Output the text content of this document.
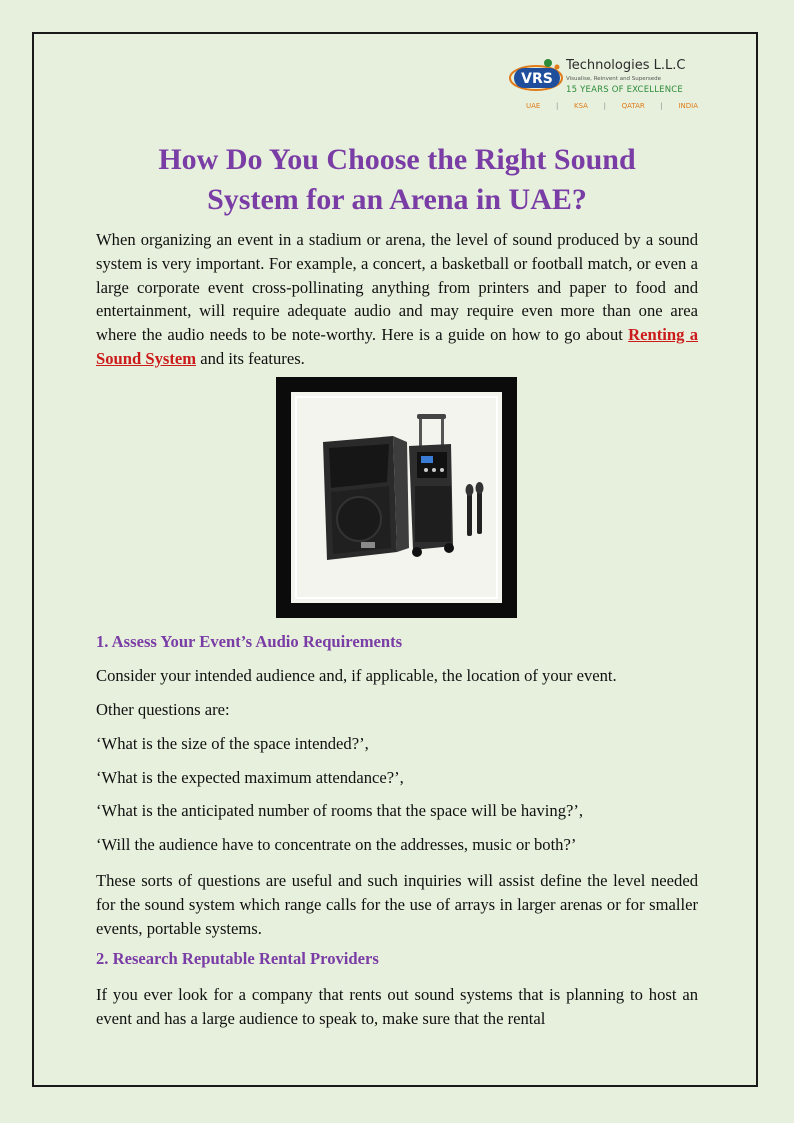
VRS
Technologies L.L.C
Visualise, Reinvent and Supersede
15 YEARS OF EXCELLENCE
UAE | KSA | QATAR | INDIA
How Do You Choose the Right Sound
System for an Arena in UAE?

When organizing an event in a stadium or arena, the level of sound produced by a sound system is very important. For example, a concert, a basketball or football match, or even a large corporate event cross-pollinating anything from printers and paper to food and entertainment, will require adequate audio and may require even more than one area where the audio needs to be note-worthy. Here is a guide on how to go about Renting a Sound System and its features.

1. Assess Your Event’s Audio Requirements

Consider your intended audience and, if applicable, the location of your event.

Other questions are:

‘What is the size of the space intended?’,

‘What is the expected maximum attendance?’,

‘What is the anticipated number of rooms that the space will be having?’,

‘Will the audience have to concentrate on the addresses, music or both?’

These sorts of questions are useful and such inquiries will assist define the level needed for the sound system which range calls for the use of arrays in larger arenas or for smaller events, portable systems.

2. Research Reputable Rental Providers

If you ever look for a company that rents out sound systems that is planning to host an event and has a large audience to speak to, make sure that the rental
